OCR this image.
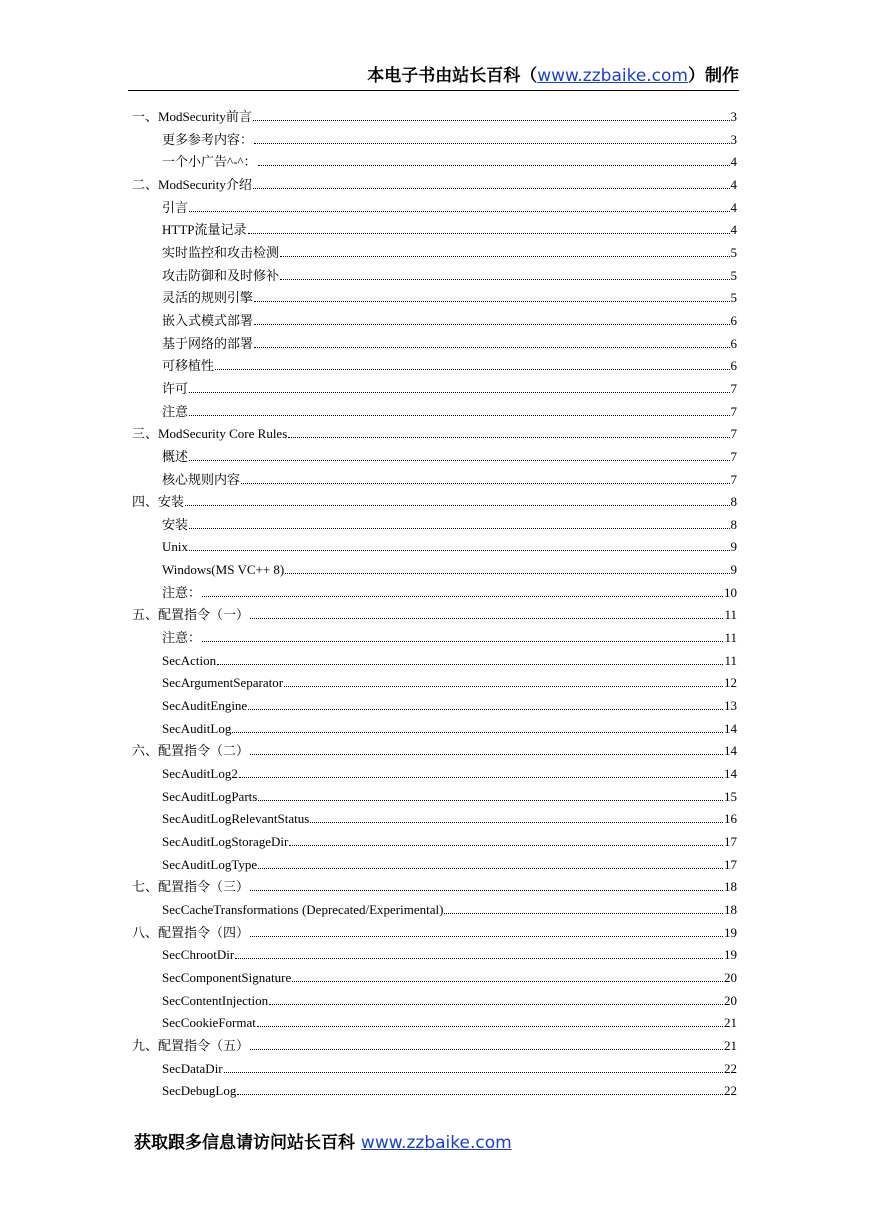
本电子书由站长百科（www.zzbaike.com）制作
一、ModSecurity前言	3
更多参考内容：	3
一个小广告^-^：	4
二、ModSecurity介绍	4
引言	4
HTTP流量记录	4
实时监控和攻击检测	5
攻击防御和及时修补	5
灵活的规则引擎	5
嵌入式模式部署	6
基于网络的部署	6
可移植性	6
许可	7
注意	7
三、ModSecurity Core Rules	7
概述	7
核心规则内容	7
四、安装	8
安装	8
Unix	9
Windows(MS VC++ 8)	9
注意：	10
五、配置指令（一）	11
注意：	11
SecAction	11
SecArgumentSeparator	12
SecAuditEngine	13
SecAuditLog	14
六、配置指令（二）	14
SecAuditLog2	14
SecAuditLogParts	15
SecAuditLogRelevantStatus	16
SecAuditLogStorageDir	17
SecAuditLogType	17
七、配置指令（三）	18
SecCacheTransformations (Deprecated/Experimental)	18
八、配置指令（四）	19
SecChrootDir	19
SecComponentSignature	20
SecContentInjection	20
SecCookieFormat	21
九、配置指令（五）	21
SecDataDir	22
SecDebugLog	22
获取跟多信息请访问站长百科 www.zzbaike.com
